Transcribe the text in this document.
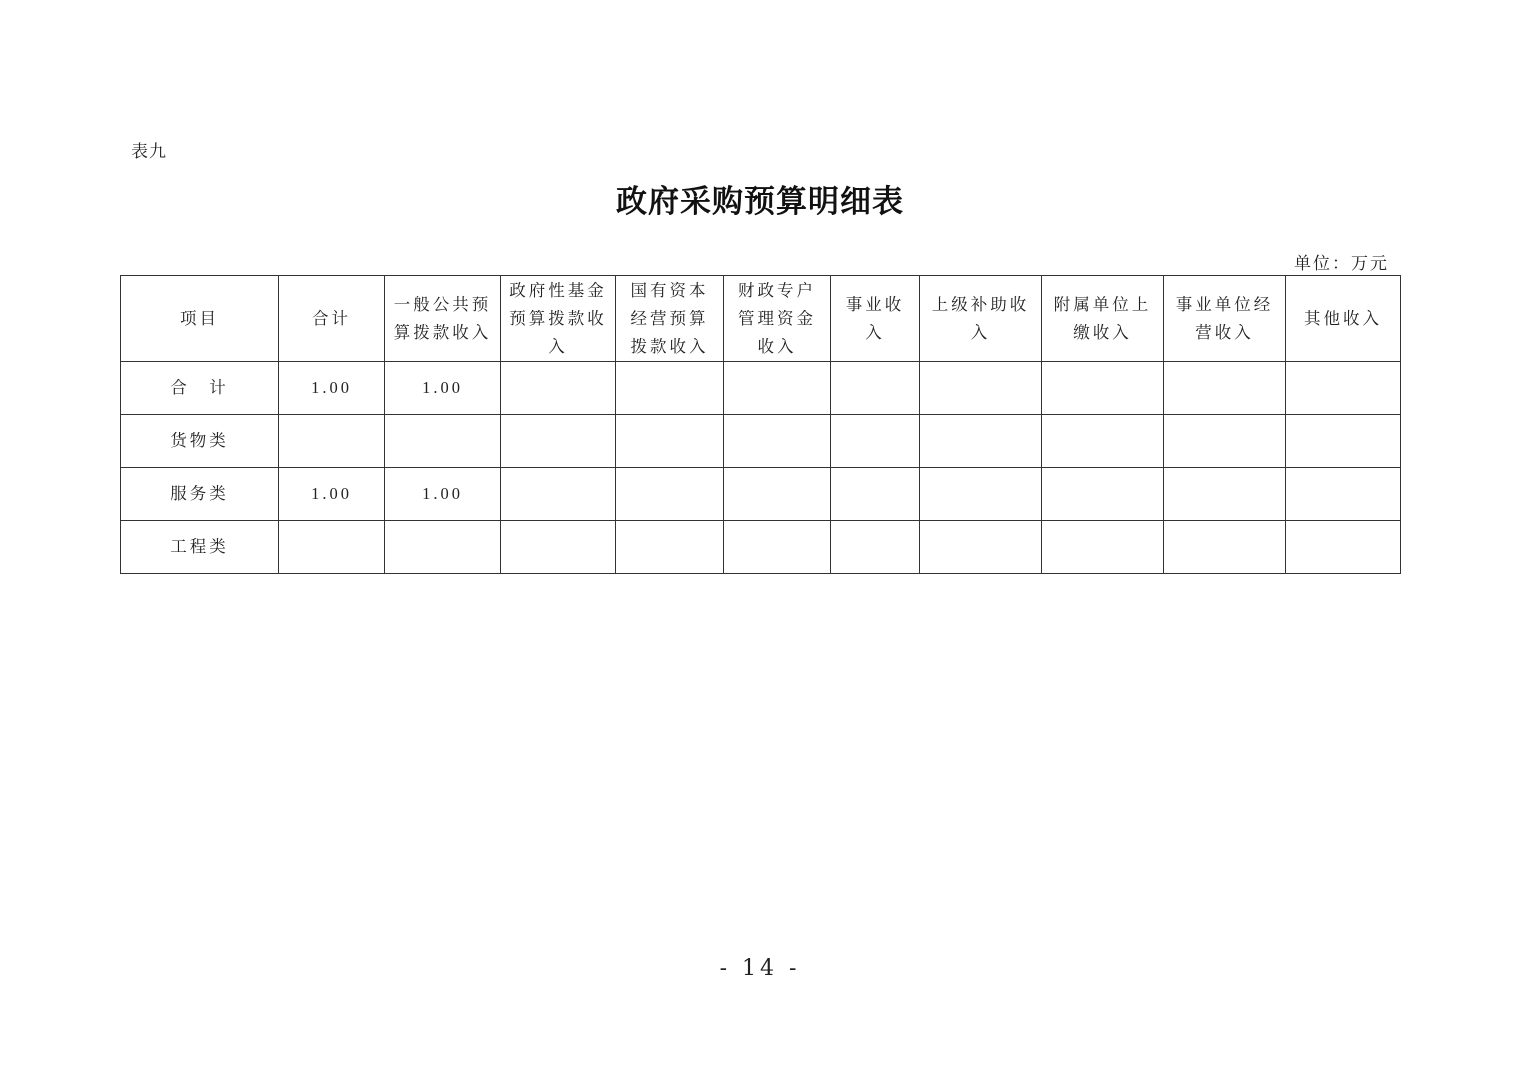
表九
政府采购预算明细表
单位：万元
项目	合计	一般公共预算拨款收入	政府性基金预算拨款收入	国有资本经营预算拨款收入	财政专户管理资金收入	事业收入	上级补助收入	附属单位上缴收入	事业单位经营收入	其他收入
合　计	1.00	1.00								
货物类										
服务类	1.00	1.00								
工程类										
- 14 -
